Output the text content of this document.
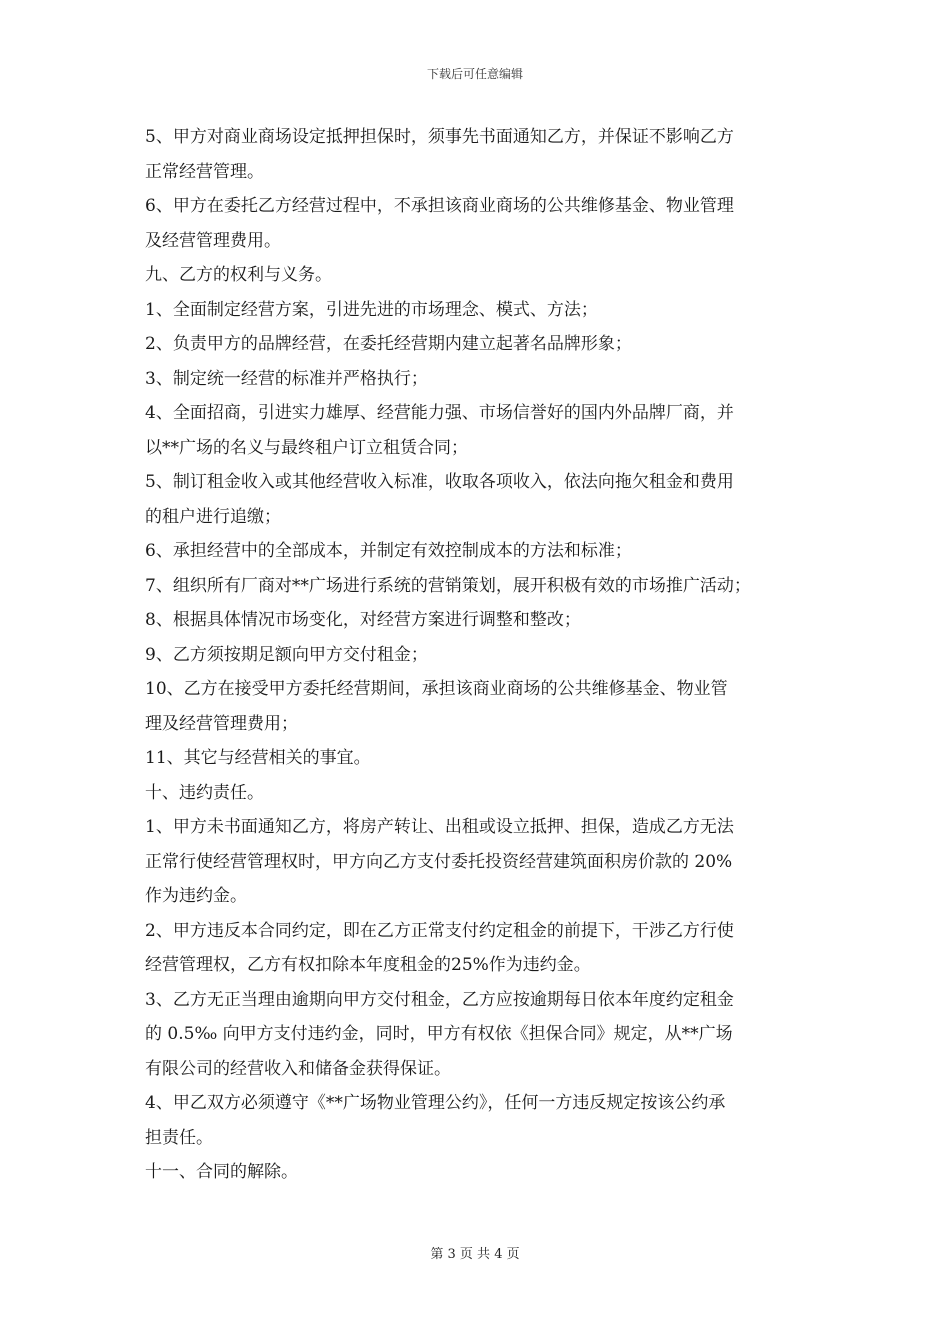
下载后可任意编辑
5、甲方对商业商场设定抵押担保时，须事先书面通知乙方，并保证不影响乙方
正常经营管理。
6、甲方在委托乙方经营过程中，不承担该商业商场的公共维修基金、物业管理
及经营管理费用。
九、乙方的权利与义务。
1、全面制定经营方案，引进先进的市场理念、模式、方法；
2、负责甲方的品牌经营，在委托经营期内建立起著名品牌形象；
3、制定统一经营的标准并严格执行；
4、全面招商，引进实力雄厚、经营能力强、市场信誉好的国内外品牌厂商，并
以**广场的名义与最终租户订立租赁合同；
5、制订租金收入或其他经营收入标准，收取各项收入，依法向拖欠租金和费用
的租户进行追缴；
6、承担经营中的全部成本，并制定有效控制成本的方法和标准；
7、组织所有厂商对**广场进行系统的营销策划，展开积极有效的市场推广活动；
8、根据具体情况市场变化，对经营方案进行调整和整改；
9、乙方须按期足额向甲方交付租金；
10、乙方在接受甲方委托经营期间，承担该商业商场的公共维修基金、物业管
理及经营管理费用；
11、其它与经营相关的事宜。
十、违约责任。
1、甲方未书面通知乙方，将房产转让、出租或设立抵押、担保，造成乙方无法
正常行使经营管理权时，甲方向乙方支付委托投资经营建筑面积房价款的 20%
作为违约金。
2、甲方违反本合同约定，即在乙方正常支付约定租金的前提下，干涉乙方行使
经营管理权，乙方有权扣除本年度租金的25%作为违约金。
3、乙方无正当理由逾期向甲方交付租金，乙方应按逾期每日依本年度约定租金
的 0.5‰ 向甲方支付违约金，同时，甲方有权依《担保合同》规定，从**广场
有限公司的经营收入和储备金获得保证。
4、甲乙双方必须遵守《**广场物业管理公约》，任何一方违反规定按该公约承
担责任。
十一、合同的解除。
第 3 页 共 4 页
